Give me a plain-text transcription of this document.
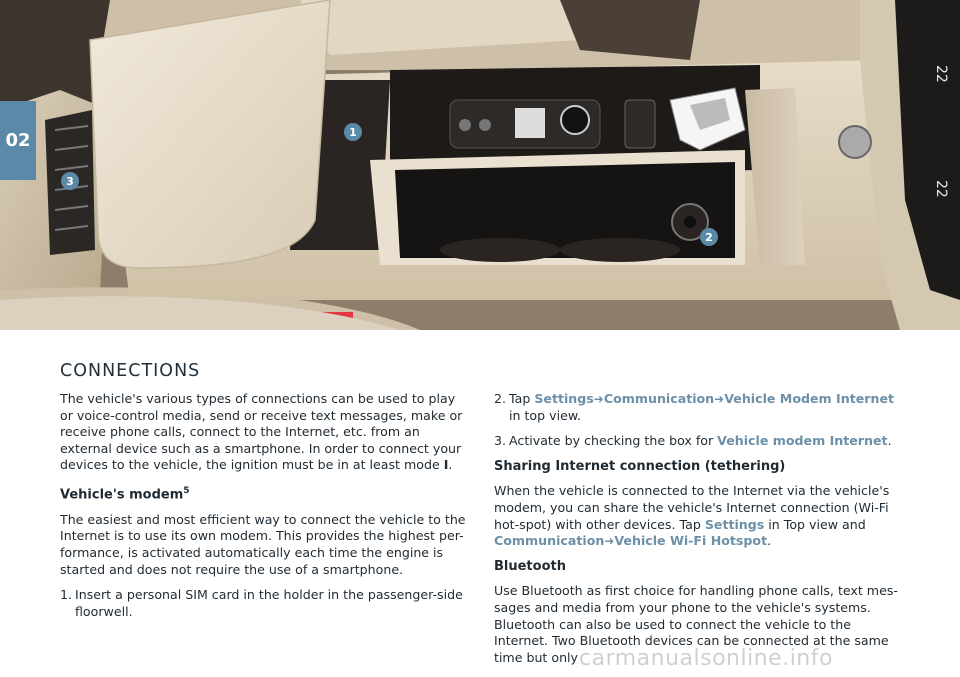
22
22
1
2
3
02
CONNECTIONS

The vehicle's various types of connections can be used to play or voice-control media, send or receive text messages, make or receive phone calls, connect to the Internet, etc. from an external device such as a smartphone. In order to connect your devices to the vehicle, the ignition must be in at least mode I.

Vehicle's modem$^5$

The easiest and most efficient way to connect the vehicle to the Internet is to use its own modem. This provides the highest per-formance, is activated automatically each time the engine is started and does not require the use of a smartphone.

1. Insert a personal SIM card in the holder in the passenger-side floorwell.
2. Tap Settings➜Communication➜Vehicle Modem Internet in top view.
3. Activate by checking the box for Vehicle modem Internet.
Sharing Internet connection (tethering)

When the vehicle is connected to the Internet via the vehicle's modem, you can share the vehicle's Internet connection (Wi-Fi hot-spot) with other devices. Tap Settings in Top view and
Communication➜Vehicle Wi-Fi Hotspot.

Bluetooth

Use Bluetooth as first choice for handling phone calls, text mes-sages and media from your phone to the vehicle's systems. Bluetooth can also be used to connect the vehicle to the Internet. Two Bluetooth devices can be connected at the same time but only carmanualsonline.info
